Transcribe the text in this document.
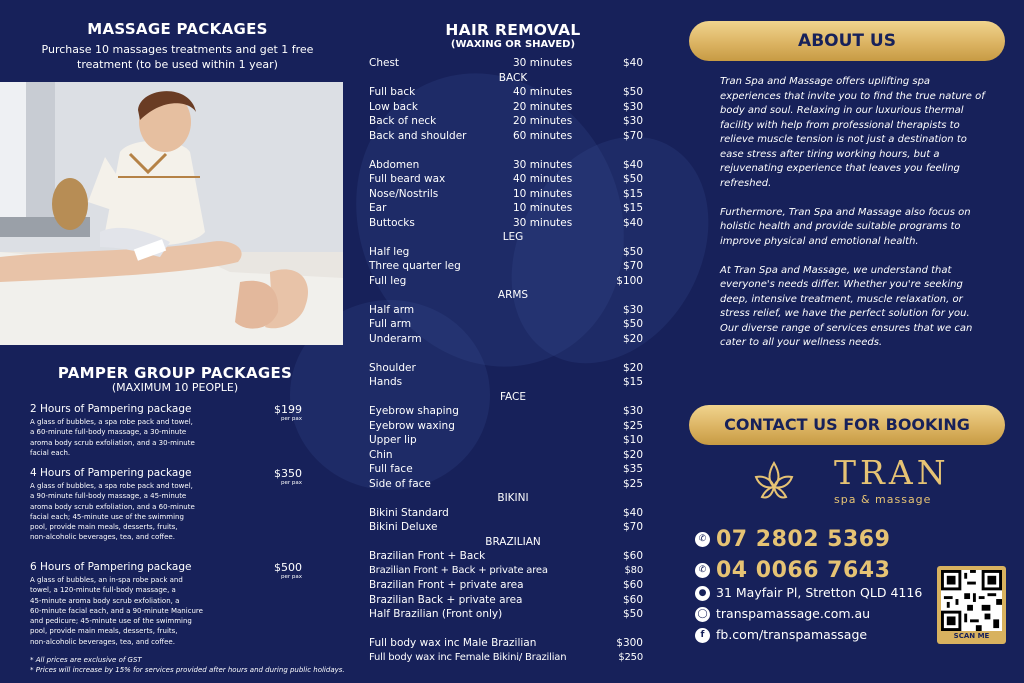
MASSAGE PACKAGES
Purchase 10 massages treatments and get 1 free
treatment (to be used within 1 year)
PAMPER GROUP PACKAGES
(MAXIMUM 10 PEOPLE)
2 Hours of Pampering package	$199
per pax
A glass of bubbles, a spa robe pack and towel,
a 60-minute full-body massage, a 30-minute
aroma body scrub exfoliation, and a 30-minute
facial each.
4 Hours of Pampering package	$350
per pax
A glass of bubbles, a spa robe pack and towel,
a 90-minute full-body massage, a 45-minute
aroma body scrub exfoliation, and a 60-minute
facial each; 45-minute use of the swimming
pool, provide main meals, desserts, fruits,
non-alcoholic beverages, tea, and coffee.
6 Hours of Pampering package	$500
per pax
A glass of bubbles, an in-spa robe pack and
towel, a 120-minute full-body massage, a
45-minute aroma body scrub exfoliation, a
60-minute facial each, and a 90-minute Manicure
and pedicure; 45-minute use of the swimming
pool, provide main meals, desserts, fruits,
non-alcoholic beverages, tea, and coffee.
* All prices are exclusive of GST
* Prices will increase by 15% for services provided after hours and during public holidays.
HAIR REMOVAL
(WAXING OR SHAVED)
Chest	30 minutes	$40
BACK
Full back	40 minutes	$50
Low back	20 minutes	$30
Back of neck	20 minutes	$30
Back and shoulder	60 minutes	$70
Abdomen	30 minutes	$40
Full beard wax	40 minutes	$50
Nose/Nostrils	10 minutes	$15
Ear	10 minutes	$15
Buttocks	30 minutes	$40
LEG
Half leg	$50
Three quarter leg	$70
Full leg	$100
ARMS
Half arm	$30
Full arm	$50
Underarm	$20
Shoulder	$20
Hands	$15
FACE
Eyebrow shaping	$30
Eyebrow waxing	$25
Upper lip	$10
Chin	$20
Full face	$35
Side of face	$25
BIKINI
Bikini Standard	$40
Bikini Deluxe	$70
BRAZILIAN
Brazilian Front + Back	$60
Brazilian Front + Back + private area	$80
Brazilian Front + private area	$60
Brazilian Back + private area	$60
Half Brazilian (Front only)	$50
Full body wax inc Male Brazilian	$300
Full body wax inc Female Bikini/ Brazilian	$250
ABOUT US

Tran Spa and Massage offers uplifting spa experiences that invite you to find the true nature of body and soul. Relaxing in our luxurious thermal facility with help from professional therapists to relieve muscle tension is not just a destination to ease stress after tiring working hours, but a rejuvenating experience that leaves you feeling refreshed.

Furthermore, Tran Spa and Massage also focus on holistic health and provide suitable programs to improve physical and emotional health.

At Tran Spa and Massage, we understand that everyone's needs differ. Whether you're seeking deep, intensive treatment, muscle relaxation, or stress relief, we have the perfect solution for you. Our diverse range of services ensures that we can cater to all your wellness needs.

CONTACT US FOR BOOKING
TRAN
spa & massage
✆ 07 2802 5369
✆ 04 0066 7643
● 31 Mayfair Pl, Stretton QLD 4116
◯ transpamassage.com.au
f fb.com/transpamassage	SCAN ME
